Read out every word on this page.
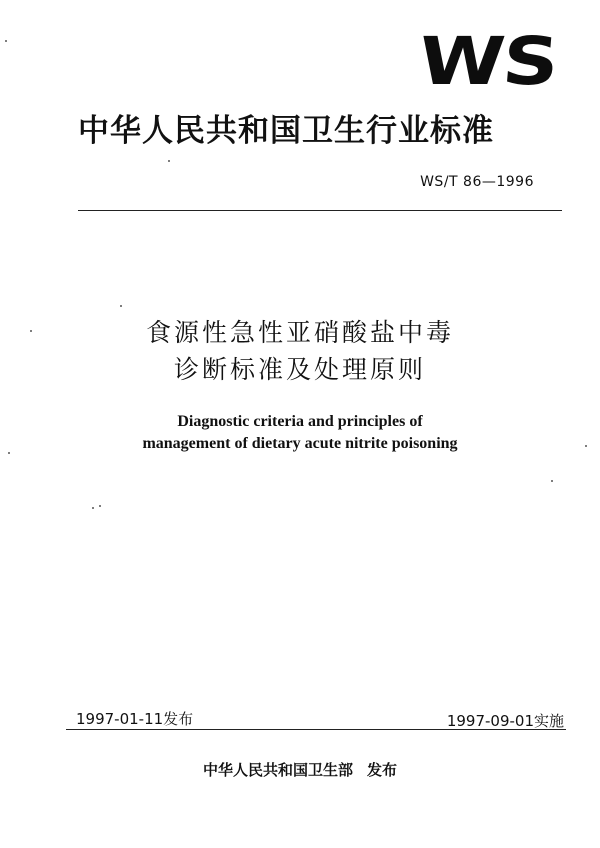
WS
中华人民共和国卫生行业标准
WS/T 86—1996
食源性急性亚硝酸盐中毒
诊断标准及处理原则
Diagnostic criteria and principles of
management of dietary acute nitrite poisoning
1997-01-11发布	1997-09-01实施
中华人民共和国卫生部 发布
